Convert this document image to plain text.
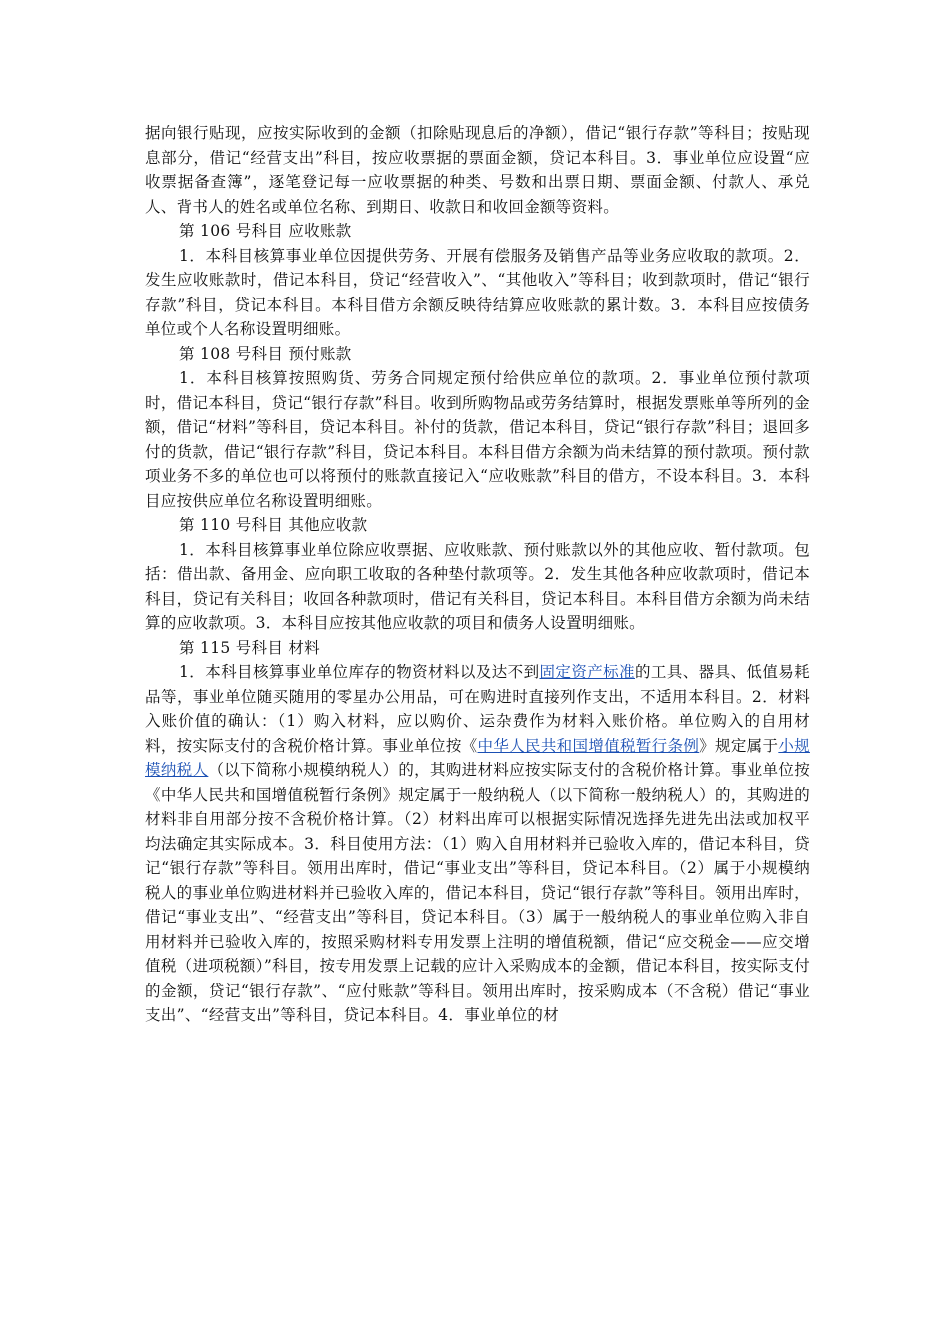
据向银行贴现，应按实际收到的金额（扣除贴现息后的净额），借记“银行存款”等科目；按贴现息部分，借记“经营支出”科目，按应收票据的票面金额，贷记本科目。3．事业单位应设置“应收票据备查簿”，逐笔登记每一应收票据的种类、号数和出票日期、票面金额、付款人、承兑人、背书人的姓名或单位名称、到期日、收款日和收回金额等资料。

第 106 号科目 应收账款

1．本科目核算事业单位因提供劳务、开展有偿服务及销售产品等业务应收取的款项。2．发生应收账款时，借记本科目，贷记“经营收入”、“其他收入”等科目；收到款项时，借记“银行存款”科目，贷记本科目。本科目借方余额反映待结算应收账款的累计数。3．本科目应按债务单位或个人名称设置明细账。

第 108 号科目 预付账款

1．本科目核算按照购货、劳务合同规定预付给供应单位的款项。2．事业单位预付款项时，借记本科目，贷记“银行存款”科目。收到所购物品或劳务结算时，根据发票账单等所列的金额，借记“材料”等科目，贷记本科目。补付的货款，借记本科目，贷记“银行存款”科目；退回多付的货款，借记“银行存款”科目，贷记本科目。本科目借方余额为尚未结算的预付款项。预付款项业务不多的单位也可以将预付的账款直接记入“应收账款”科目的借方，不设本科目。3．本科目应按供应单位名称设置明细账。

第 110 号科目 其他应收款

1．本科目核算事业单位除应收票据、应收账款、预付账款以外的其他应收、暂付款项。包括：借出款、备用金、应向职工收取的各种垫付款项等。2．发生其他各种应收款项时，借记本科目，贷记有关科目；收回各种款项时，借记有关科目，贷记本科目。本科目借方余额为尚未结算的应收款项。3．本科目应按其他应收款的项目和债务人设置明细账。

第 115 号科目 材料

1．本科目核算事业单位库存的物资材料以及达不到固定资产标准的工具、器具、低值易耗品等，事业单位随买随用的零星办公用品，可在购进时直接列作支出，不适用本科目。2．材料入账价值的确认：（1）购入材料，应以购价、运杂费作为材料入账价格。单位购入的自用材料，按实际支付的含税价格计算。事业单位按《中华人民共和国增值税暂行条例》规定属于小规模纳税人（以下简称小规模纳税人）的，其购进材料应按实际支付的含税价格计算。事业单位按《中华人民共和国增值税暂行条例》规定属于一般纳税人（以下简称一般纳税人）的，其购进的材料非自用部分按不含税价格计算。（2）材料出库可以根据实际情况选择先进先出法或加权平均法确定其实际成本。3．科目使用方法：（1）购入自用材料并已验收入库的，借记本科目，贷记“银行存款”等科目。领用出库时，借记“事业支出”等科目，贷记本科目。（2）属于小规模纳税人的事业单位购进材料并已验收入库的，借记本科目，贷记“银行存款”等科目。领用出库时，借记“事业支出”、“经营支出”等科目，贷记本科目。（3）属于一般纳税人的事业单位购入非自用材料并已验收入库的，按照采购材料专用发票上注明的增值税额，借记“应交税金——应交增值税（进项税额）”科目，按专用发票上记载的应计入采购成本的金额，借记本科目，按实际支付的金额，贷记“银行存款”、“应付账款”等科目。领用出库时，按采购成本（不含税）借记“事业支出”、“经营支出”等科目，贷记本科目。4．事业单位的材
